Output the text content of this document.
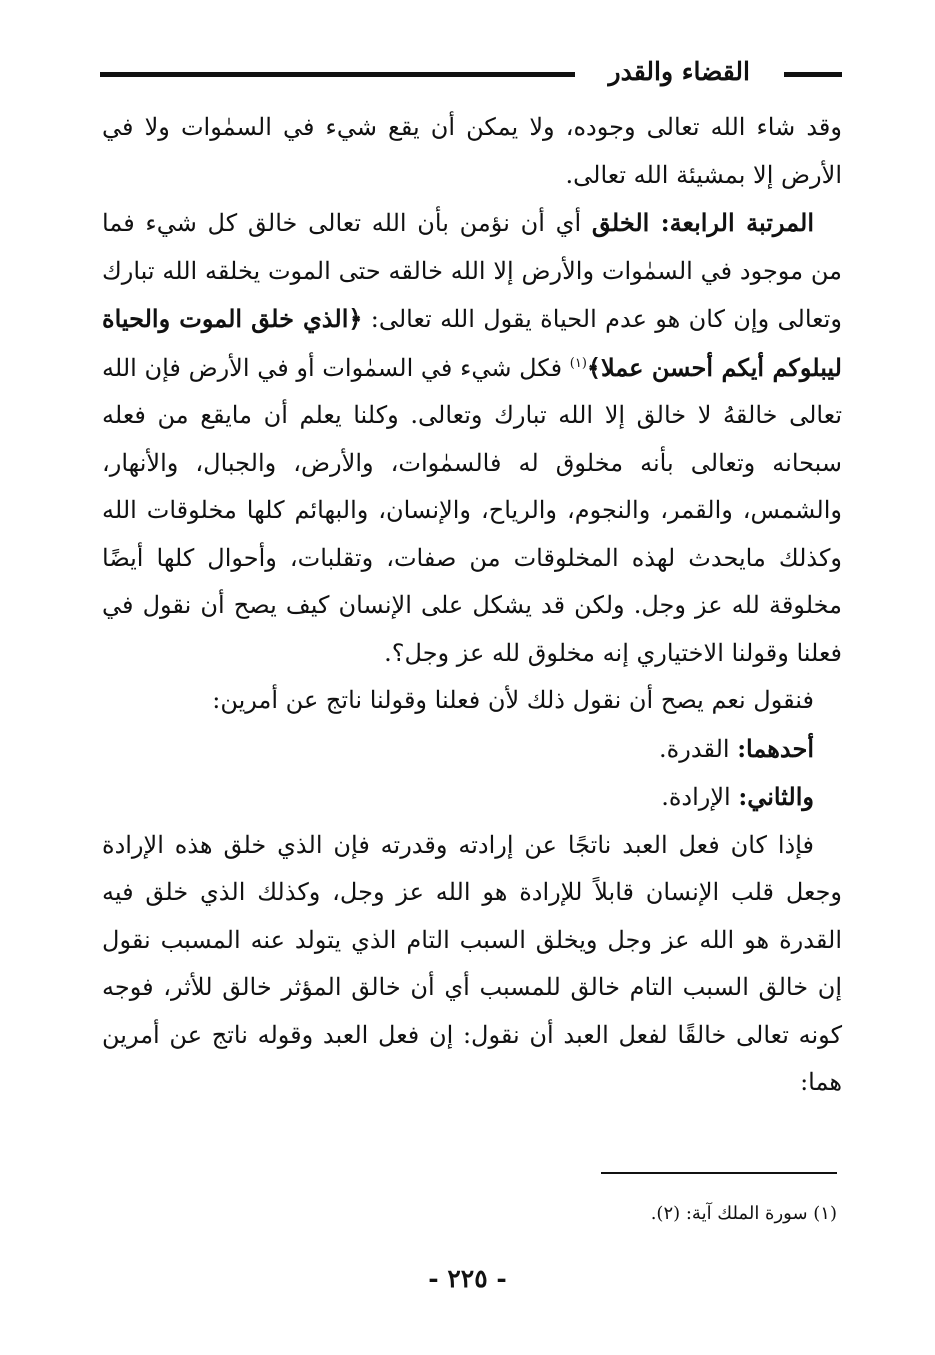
القضاء والقدر

وقد شاء الله تعالى وجوده، ولا يمكن أن يقع شيء في السمٰوات ولا في الأرض إلا بمشيئة الله تعالى.

المرتبة الرابعة: الخلق أي أن نؤمن بأن الله تعالى خالق كل شيء فما من موجود في السمٰوات والأرض إلا الله خالقه حتى الموت يخلقه الله تبارك وتعالى وإن كان هو عدم الحياة يقول الله تعالى: ﴿الذي خلق الموت والحياة ليبلوكم أيكم أحسن عملا﴾$^{(١)}$ فكل شيء في السمٰوات أو في الأرض فإن الله تعالى خالقهُ لا خالق إلا الله تبارك وتعالى. وكلنا يعلم أن مايقع من فعله سبحانه وتعالى بأنه مخلوق له فالسمٰوات، والأرض، والجبال، والأنهار، والشمس، والقمر، والنجوم، والرياح، والإنسان، والبهائم كلها مخلوقات الله وكذلك مايحدث لهذه المخلوقات من صفات، وتقلبات، وأحوال كلها أيضًا مخلوقة لله عز وجل. ولكن قد يشكل على الإنسان كيف يصح أن نقول في فعلنا وقولنا الاختياري إنه مخلوق لله عز وجل؟.

فنقول نعم يصح أن نقول ذلك لأن فعلنا وقولنا ناتج عن أمرين:

أحدهما: القدرة.

والثاني: الإرادة.

فإذا كان فعل العبد ناتجًا عن إرادته وقدرته فإن الذي خلق هذه الإرادة وجعل قلب الإنسان قابلاً للإرادة هو الله عز وجل، وكذلك الذي خلق فيه القدرة هو الله عز وجل ويخلق السبب التام الذي يتولد عنه المسبب نقول إن خالق السبب التام خالق للمسبب أي أن خالق المؤثر خالق للأثر، فوجه كونه تعالى خالقًا لفعل العبد أن نقول: إن فعل العبد وقوله ناتج عن أمرين هما:

(١) سورة الملك آية: (٢).
- ٢٢٥ -
